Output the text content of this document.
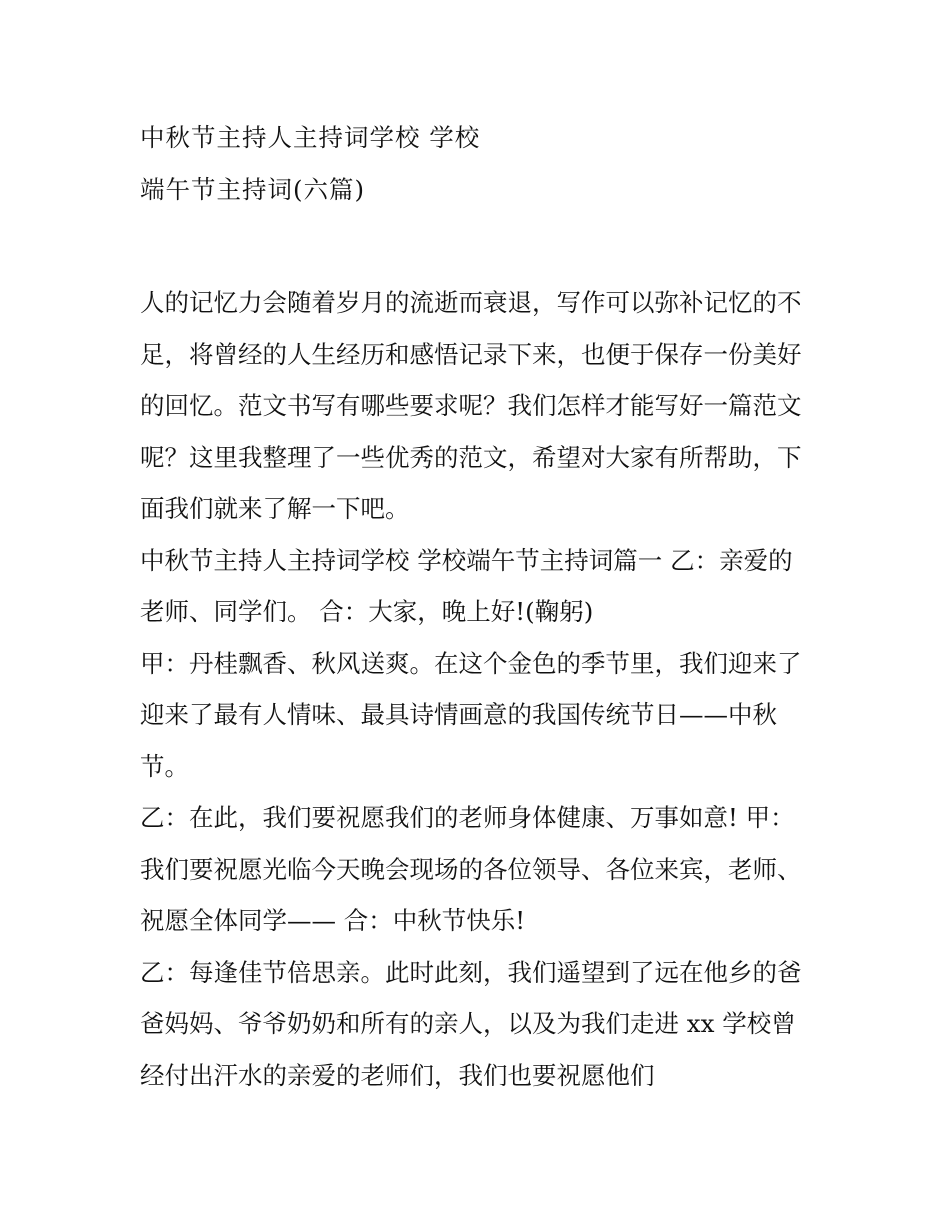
中秋节主持人主持词学校 学校
端午节主持词(六篇)
人的记忆力会随着岁月的流逝而衰退，写作可以弥补记忆的不
足，将曾经的人生经历和感悟记录下来，也便于保存一份美好
的回忆。范文书写有哪些要求呢？我们怎样才能写好一篇范文
呢？这里我整理了一些优秀的范文，希望对大家有所帮助，下
面我们就来了解一下吧。
中秋节主持人主持词学校 学校端午节主持词篇一 乙：亲爱的
老师、同学们。 合：大家，晚上好!(鞠躬)
甲：丹桂飘香、秋风送爽。在这个金色的季节里，我们迎来了
迎来了最有人情味、最具诗情画意的我国传统节日——中秋
节。
乙：在此，我们要祝愿我们的老师身体健康、万事如意! 甲：
我们要祝愿光临今天晚会现场的各位领导、各位来宾，老师、
祝愿全体同学—— 合：中秋节快乐!
乙：每逢佳节倍思亲。此时此刻，我们遥望到了远在他乡的爸
爸妈妈、爷爷奶奶和所有的亲人，以及为我们走进 xx 学校曾
经付出汗水的亲爱的老师们，我们也要祝愿他们
